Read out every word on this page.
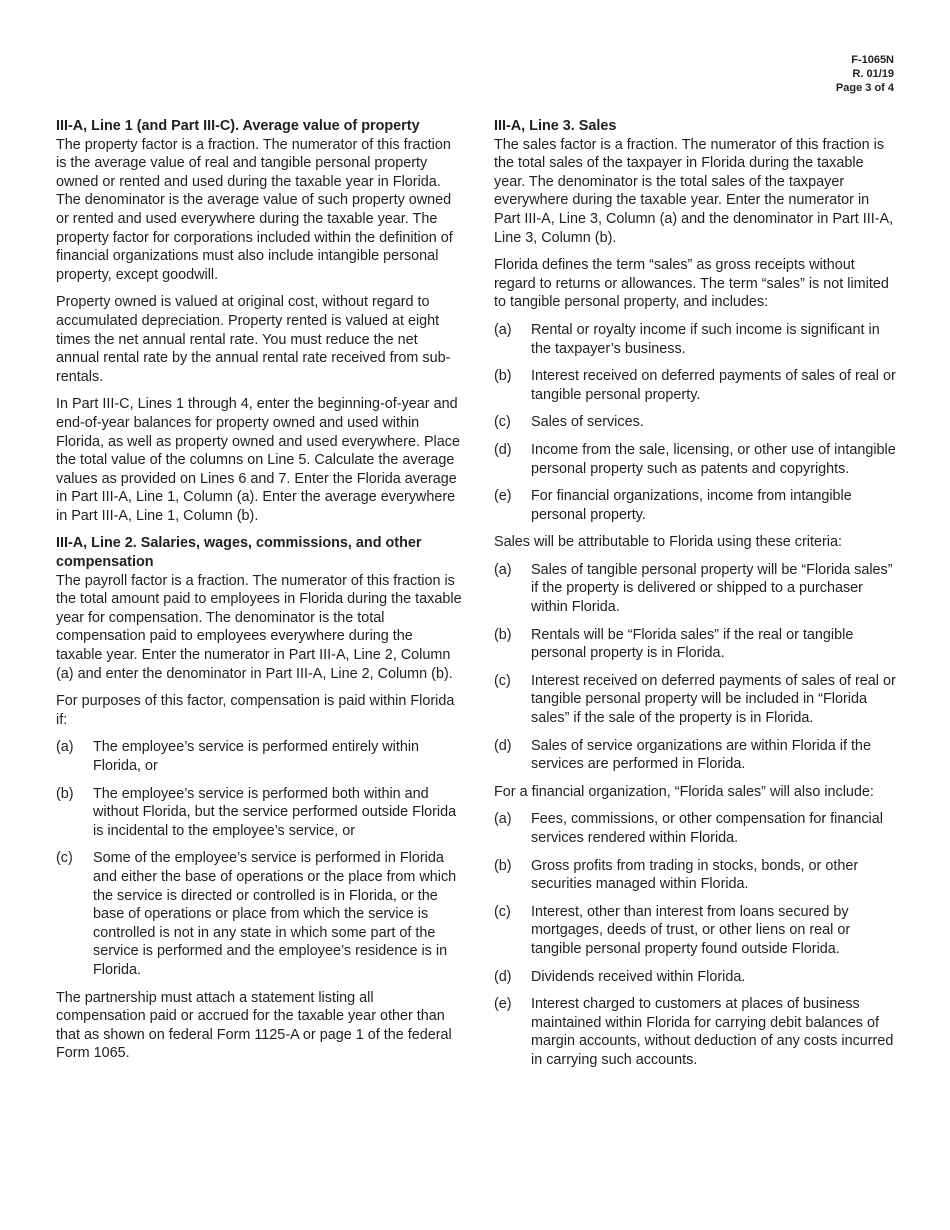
F-1065N
R. 01/19
Page 3 of 4
III-A, Line 1 (and Part III-C). Average value of property

The property factor is a fraction. The numerator of this fraction is the average value of real and tangible personal property owned or rented and used during the taxable year in Florida. The denominator is the average value of such property owned or rented and used everywhere during the taxable year. The property factor for corporations included within the definition of financial organizations must also include intangible personal property, except goodwill.

Property owned is valued at original cost, without regard to accumulated depreciation. Property rented is valued at eight times the net annual rental rate. You must reduce the net annual rental rate by the annual rental rate received from sub-rentals.

In Part III-C, Lines 1 through 4, enter the beginning-of-year and end-of-year balances for property owned and used within Florida, as well as property owned and used everywhere. Place the total value of the columns on Line 5. Calculate the average values as provided on Lines 6 and 7. Enter the Florida average in Part III-A, Line 1, Column (a). Enter the average everywhere in Part III-A, Line 1, Column (b).

III-A, Line 2. Salaries, wages, commissions, and other compensation

The payroll factor is a fraction. The numerator of this fraction is the total amount paid to employees in Florida during the taxable year for compensation. The denominator is the total compensation paid to employees everywhere during the taxable year. Enter the numerator in Part III-A, Line 2, Column (a) and enter the denominator in Part III-A, Line 2, Column (b).

For purposes of this factor, compensation is paid within Florida if:

(a)	The employee’s service is performed entirely within Florida, or
(b)	The employee’s service is performed both within and without Florida, but the service performed outside Florida is incidental to the employee’s service, or
(c)	Some of the employee’s service is performed in Florida and either the base of operations or the place from which the service is directed or controlled is in Florida, or the base of operations or place from which the service is controlled is not in any state in which some part of the service is performed and the employee’s residence is in Florida.

The partnership must attach a statement listing all compensation paid or accrued for the taxable year other than that as shown on federal Form 1125-A or page 1 of the federal Form 1065.

III-A, Line 3. Sales

The sales factor is a fraction. The numerator of this fraction is the total sales of the taxpayer in Florida during the taxable year. The denominator is the total sales of the taxpayer everywhere during the taxable year. Enter the numerator in Part III-A, Line 3, Column (a) and the denominator in Part III-A, Line 3, Column (b).

Florida defines the term “sales” as gross receipts without regard to returns or allowances. The term “sales” is not limited to tangible personal property, and includes:

(a)	Rental or royalty income if such income is significant in the taxpayer’s business.
(b)	Interest received on deferred payments of sales of real or tangible personal property.
(c)	Sales of services.
(d)	Income from the sale, licensing, or other use of intangible personal property such as patents and copyrights.
(e)	For financial organizations, income from intangible personal property.

Sales will be attributable to Florida using these criteria:

(a)	Sales of tangible personal property will be “Florida sales” if the property is delivered or shipped to a purchaser within Florida.
(b)	Rentals will be “Florida sales” if the real or tangible personal property is in Florida.
(c)	Interest received on deferred payments of sales of real or tangible personal property will be included in “Florida sales” if the sale of the property is in Florida.
(d)	Sales of service organizations are within Florida if the services are performed in Florida.

For a financial organization, “Florida sales” will also include:

(a)	Fees, commissions, or other compensation for financial services rendered within Florida.
(b)	Gross profits from trading in stocks, bonds, or other securities managed within Florida.
(c)	Interest, other than interest from loans secured by mortgages, deeds of trust, or other liens on real or tangible personal property found outside Florida.
(d)	Dividends received within Florida.
(e)	Interest charged to customers at places of business maintained within Florida for carrying debit balances of margin accounts, without deduction of any costs incurred in carrying such accounts.
